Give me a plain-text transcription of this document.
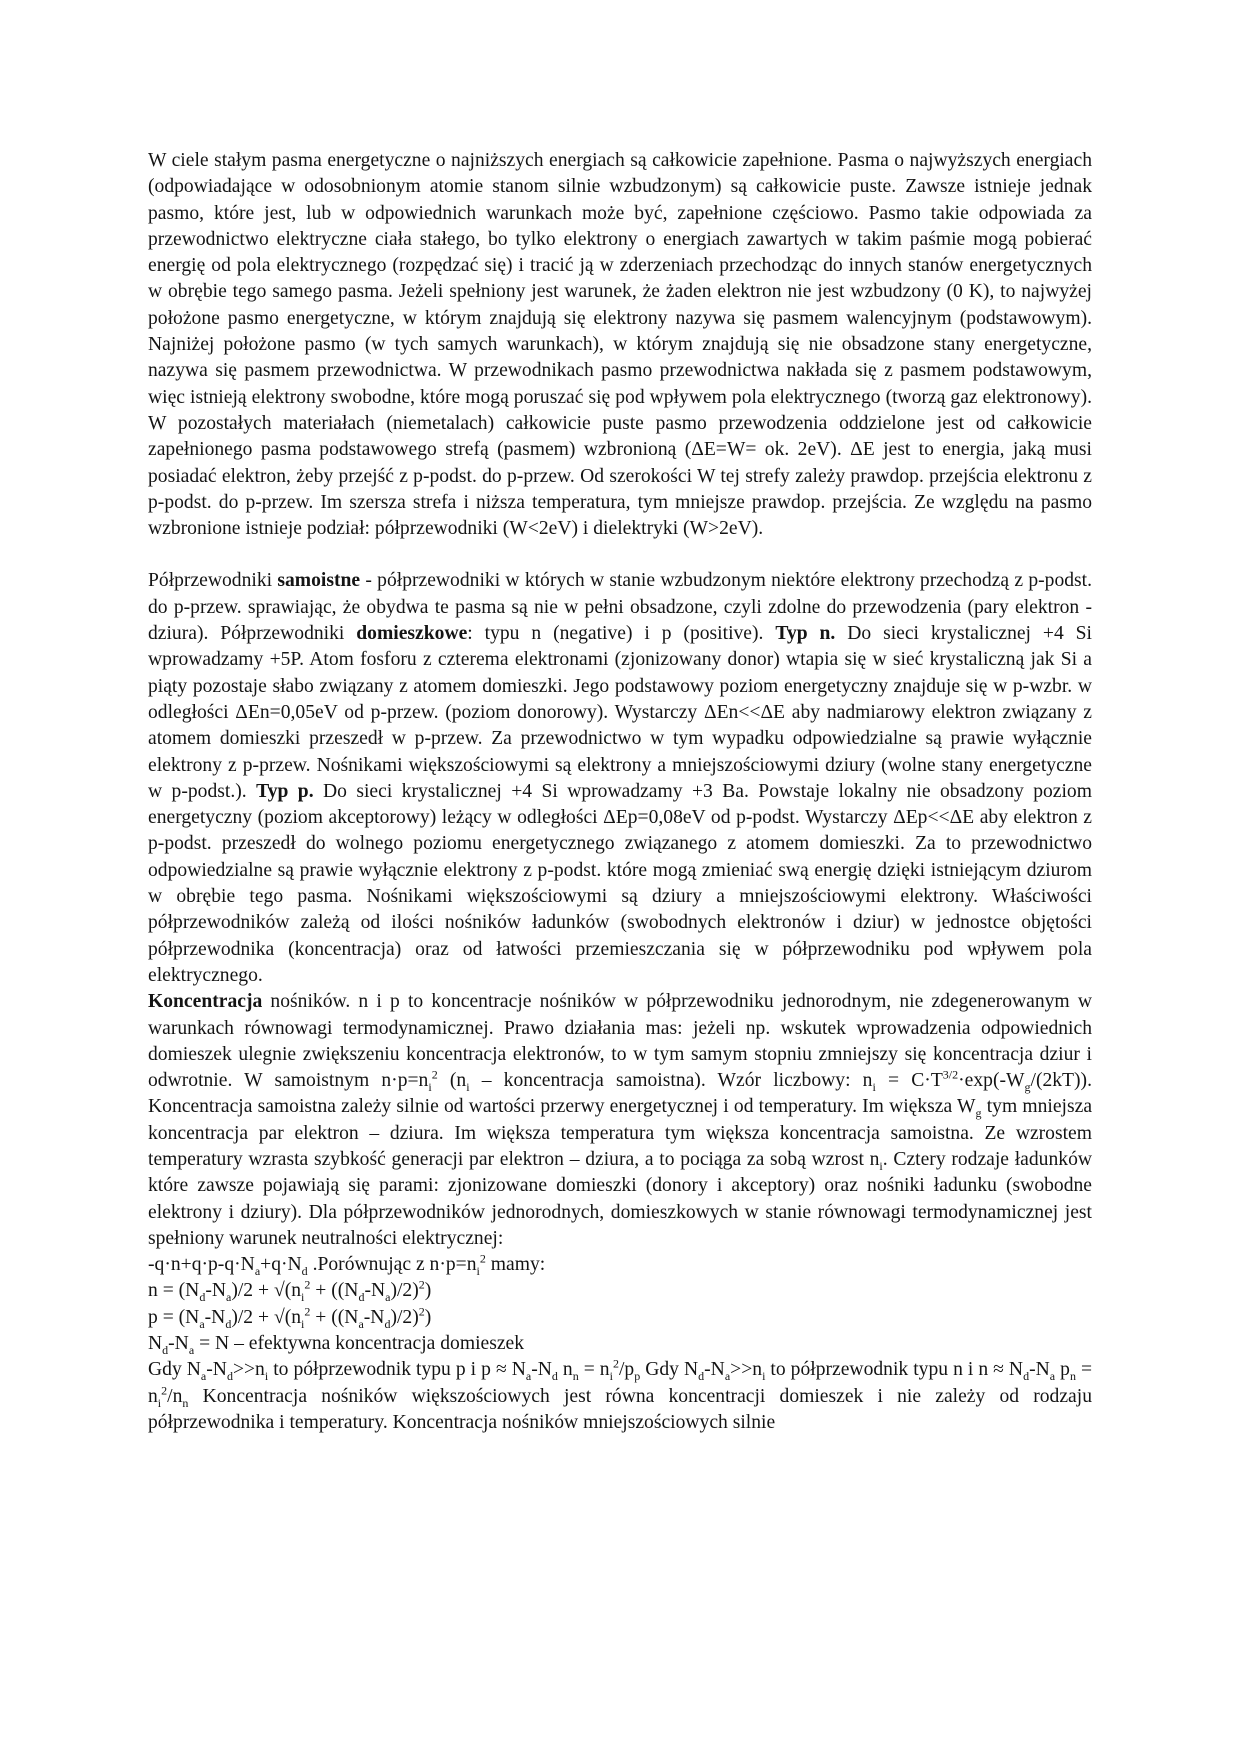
W ciele stałym pasma energetyczne o najniższych energiach są całkowicie zapełnione. Pasma o najwyższych energiach (odpowiadające w odosobnionym atomie stanom silnie wzbudzonym) są całkowicie puste. Zawsze istnieje jednak pasmo, które jest, lub w odpowiednich warunkach może być, zapełnione częściowo. Pasmo takie odpowiada za przewodnictwo elektryczne ciała stałego, bo tylko elektrony o energiach zawartych w takim paśmie mogą pobierać energię od pola elektrycznego (rozpędzać się) i tracić ją w zderzeniach przechodząc do innych stanów energetycznych w obrębie tego samego pasma. Jeżeli spełniony jest warunek, że żaden elektron nie jest wzbudzony (0 K), to najwyżej położone pasmo energetyczne, w którym znajdują się elektrony nazywa się pasmem walencyjnym (podstawowym). Najniżej położone pasmo (w tych samych warunkach), w którym znajdują się nie obsadzone stany energetyczne, nazywa się pasmem przewodnictwa. W przewodnikach pasmo przewodnictwa nakłada się z pasmem podstawowym, więc istnieją elektrony swobodne, które mogą poruszać się pod wpływem pola elektrycznego (tworzą gaz elektronowy). W pozostałych materiałach (niemetalach) całkowicie puste pasmo przewodzenia oddzielone jest od całkowicie zapełnionego pasma podstawowego strefą (pasmem) wzbronioną (ΔE=W= ok. 2eV). ΔE jest to energia, jaką musi posiadać elektron, żeby przejść z p-podst. do p-przew. Od szerokości W tej strefy zależy prawdop. przejścia elektronu z p-podst. do p-przew. Im szersza strefa i niższa temperatura, tym mniejsze prawdop. przejścia. Ze względu na pasmo wzbronione istnieje podział: półprzewodniki (W<2eV) i dielektryki (W>2eV).

Półprzewodniki samoistne - półprzewodniki w których w stanie wzbudzonym niektóre elektrony przechodzą z p-podst. do p-przew. sprawiając, że obydwa te pasma są nie w pełni obsadzone, czyli zdolne do przewodzenia (pary elektron - dziura). Półprzewodniki domieszkowe: typu n (negative) i p (positive). Typ n. Do sieci krystalicznej +4 Si wprowadzamy +5P. Atom fosforu z czterema elektronami (zjonizowany donor) wtapia się w sieć krystaliczną jak Si a piąty pozostaje słabo związany z atomem domieszki. Jego podstawowy poziom energetyczny znajduje się w p-wzbr. w odległości ΔEn=0,05eV od p-przew. (poziom donorowy). Wystarczy ΔEn<<ΔE aby nadmiarowy elektron związany z atomem domieszki przeszedł w p-przew. Za przewodnictwo w tym wypadku odpowiedzialne są prawie wyłącznie elektrony z p-przew. Nośnikami większościowymi są elektrony a mniejszościowymi dziury (wolne stany energetyczne w p-podst.). Typ p. Do sieci krystalicznej +4 Si wprowadzamy +3 Ba. Powstaje lokalny nie obsadzony poziom energetyczny (poziom akceptorowy) leżący w odległości ΔEp=0,08eV od p-podst. Wystarczy ΔEp<<ΔE aby elektron z p-podst. przeszedł do wolnego poziomu energetycznego związanego z atomem domieszki. Za to przewodnictwo odpowiedzialne są prawie wyłącznie elektrony z p-podst. które mogą zmieniać swą energię dzięki istniejącym dziurom w obrębie tego pasma. Nośnikami większościowymi są dziury a mniejszościowymi elektrony. Właściwości półprzewodników zależą od ilości nośników ładunków (swobodnych elektronów i dziur) w jednostce objętości półprzewodnika (koncentracja) oraz od łatwości przemieszczania się w półprzewodniku pod wpływem pola elektrycznego.

Koncentracja nośników. n i p to koncentracje nośników w półprzewodniku jednorodnym, nie zdegenerowanym w warunkach równowagi termodynamicznej. Prawo działania mas: jeżeli np. wskutek wprowadzenia odpowiednich domieszek ulegnie zwiększeniu koncentracja elektronów, to w tym samym stopniu zmniejszy się koncentracja dziur i odwrotnie. W samoistnym $n\cdot p=n_i^2$ ($n_i$ – koncentracja samoistna). Wzór liczbowy: $n_i = C\cdot T^{3/2}\cdot\exp(-W_g/(2kT))$. Koncentracja samoistna zależy silnie od wartości przerwy energetycznej i od temperatury. Im większa $W_g$ tym mniejsza koncentracja par elektron – dziura. Im większa temperatura tym większa koncentracja samoistna. Ze wzrostem temperatury wzrasta szybkość generacji par elektron – dziura, a to pociąga za sobą wzrost $n_i$. Cztery rodzaje ładunków które zawsze pojawiają się parami: zjonizowane domieszki (donory i akceptory) oraz nośniki ładunku (swobodne elektrony i dziury). Dla półprzewodników jednorodnych, domieszkowych w stanie równowagi termodynamicznej jest spełniony warunek neutralności elektrycznej:

$-q\cdot n+q\cdot p-q\cdot N_a+q\cdot N_d$ .Porównując z $n\cdot p=n_i^2$ mamy:
$n = (N_d-N_a)/2 + √(n_i^2 + ((N_d-N_a)/2)^2)$
$p = (N_a-N_d)/2 + √(n_i^2 + ((N_a-N_d)/2)^2)$
$N_d-N_a = N$ – efektywna koncentracja domieszek

Gdy $N_a-N_d>>n_i$ to półprzewodnik typu p i $p \approx N_a-N_d$ $n_n = n_i^2/p_p$ Gdy $N_d-N_a>>n_i$ to półprzewodnik typu n i $n \approx N_d-N_a$ $p_n = n_i^2/n_n$ Koncentracja nośników większościowych jest równa koncentracji domieszek i nie zależy od rodzaju półprzewodnika i temperatury. Koncentracja nośników mniejszościowych silnie
